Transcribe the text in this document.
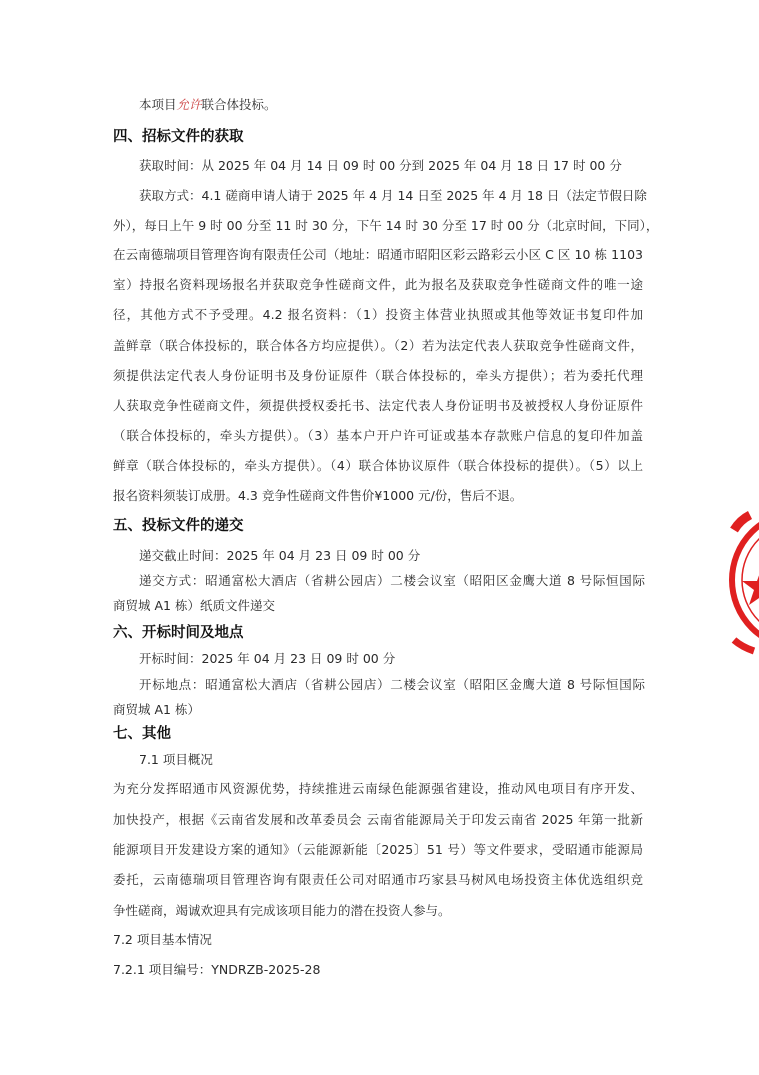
本项目允许联合体投标。
四、招标文件的获取
获取时间：从 2025 年 04 月 14 日 09 时 00 分到 2025 年 04 月 18 日 17 时 00 分
获取方式：4.1 磋商申请人请于 2025 年 4 月 14 日至 2025 年 4 月 18 日（法定节假日除
外），每日上午 9 时 00 分至 11 时 30 分，下午 14 时 30 分至 17 时 00 分（北京时间，下同），
在云南德瑞项目管理咨询有限责任公司（地址：昭通市昭阳区彩云路彩云小区 C 区 10 栋 1103
室）持报名资料现场报名并获取竞争性磋商文件，此为报名及获取竞争性磋商文件的唯一途
径，其他方式不予受理。4.2 报名资料：（1）投资主体营业执照或其他等效证书复印件加
盖鲜章（联合体投标的，联合体各方均应提供）。（2）若为法定代表人获取竞争性磋商文件，
须提供法定代表人身份证明书及身份证原件（联合体投标的，牵头方提供）；若为委托代理
人获取竞争性磋商文件，须提供授权委托书、法定代表人身份证明书及被授权人身份证原件
（联合体投标的，牵头方提供）。（3）基本户开户许可证或基本存款账户信息的复印件加盖
鲜章（联合体投标的，牵头方提供）。（4）联合体协议原件（联合体投标的提供）。（5）以上
报名资料须装订成册。4.3 竞争性磋商文件售价¥1000 元/份，售后不退。
五、投标文件的递交
递交截止时间：2025 年 04 月 23 日 09 时 00 分
递交方式：昭通富松大酒店（省耕公园店）二楼会议室（昭阳区金鹰大道 8 号际恒国际
商贸城 A1 栋）纸质文件递交
六、开标时间及地点
开标时间：2025 年 04 月 23 日 09 时 00 分
开标地点：昭通富松大酒店（省耕公园店）二楼会议室（昭阳区金鹰大道 8 号际恒国际
商贸城 A1 栋）
七、其他
7.1 项目概况
为充分发挥昭通市风资源优势，持续推进云南绿色能源强省建设，推动风电项目有序开发、
加快投产，根据《云南省发展和改革委员会 云南省能源局关于印发云南省 2025 年第一批新
能源项目开发建设方案的通知》（云能源新能〔2025〕51 号）等文件要求，受昭通市能源局
委托，云南德瑞项目管理咨询有限责任公司对昭通市巧家县马树风电场投资主体优选组织竞
争性磋商，竭诚欢迎具有完成该项目能力的潜在投资人参与。
7.2 项目基本情况
7.2.1 项目编号：YNDRZB-2025-28
